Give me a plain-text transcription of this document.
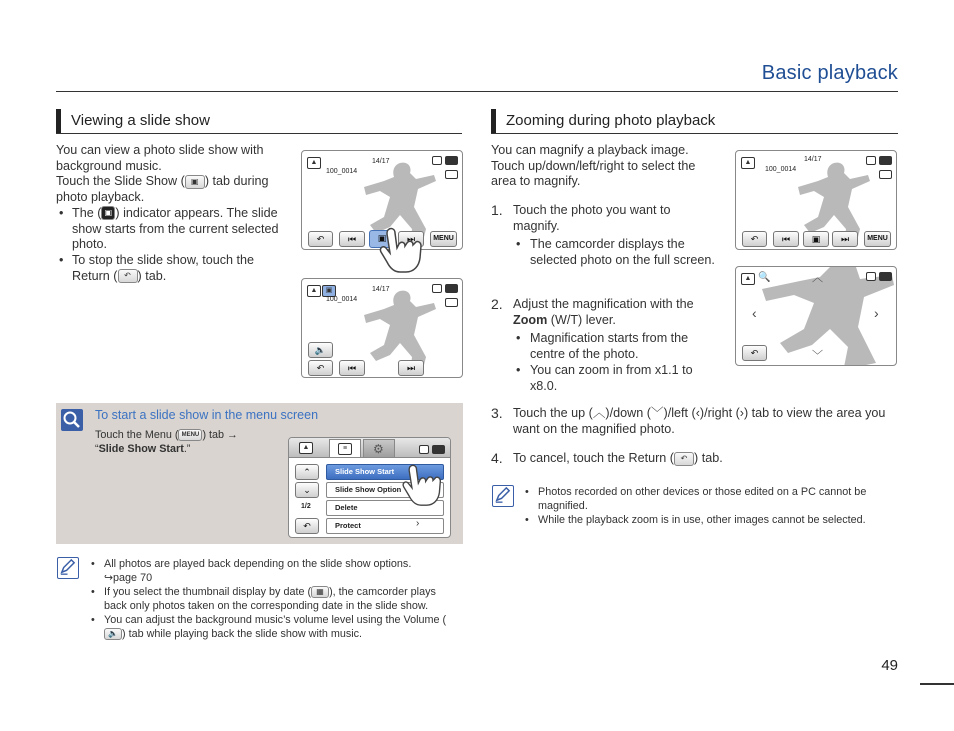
Basic playback
Viewing a slide show

You can view a photo slide show with background music.

Touch the Slide Show ( ▣ ) tab during photo playback.

• The ( ▣ ) indicator appears. The slide show starts from the current selected photo.

• To stop the slide show, touch the Return ( ↶ ) tab.

▲	14/17
100_0014
↶	⏮	▣	⏭	MENU
▲	▣	14/17
100_0014
🔈
↶	⏮	⏭
To start a slide show in the menu screen
Touch the Menu ( MENU ) tab →
“Slide Show Start.”	▲	≡	⚙
⌃
⌄
1/2
↶
Slide Show Start
Slide Show Option
Delete
Protect	›

• All photos are played back depending on the slide show options.
↪page 70

• If you select the thumbnail display by date ( ▦ ), the camcorder plays back only photos taken on the corresponding date in the slide show.

• You can adjust the background music’s volume level using the Volume (🔈 ) tab while playing back the slide show with music.

Zooming during photo playback
You can magnify a playback image. Touch up/down/left/right to select the area to magnify.
1. Touch the photo you want to magnify.
• The camcorder displays the selected photo on the full screen.
2. Adjust the magnification with the Zoom (W/T) lever.
• Magnification starts from the centre of the photo.
• You can zoom in from x1.1 to x8.0.
3. Touch the up (︿)/down (﹀)/left (‹)/right (›) tab to view the area you want on the magnified photo.
4. To cancel, touch the Return ( ↶ ) tab.
▲	14/17
100_0014
↶	⏮	▣	⏭	MENU
▲ 🔍	︿
﹀
‹	›
↶

• Photos recorded on other devices or those edited on a PC cannot be magnified.

• While the playback zoom is in use, other images cannot be selected.

49
